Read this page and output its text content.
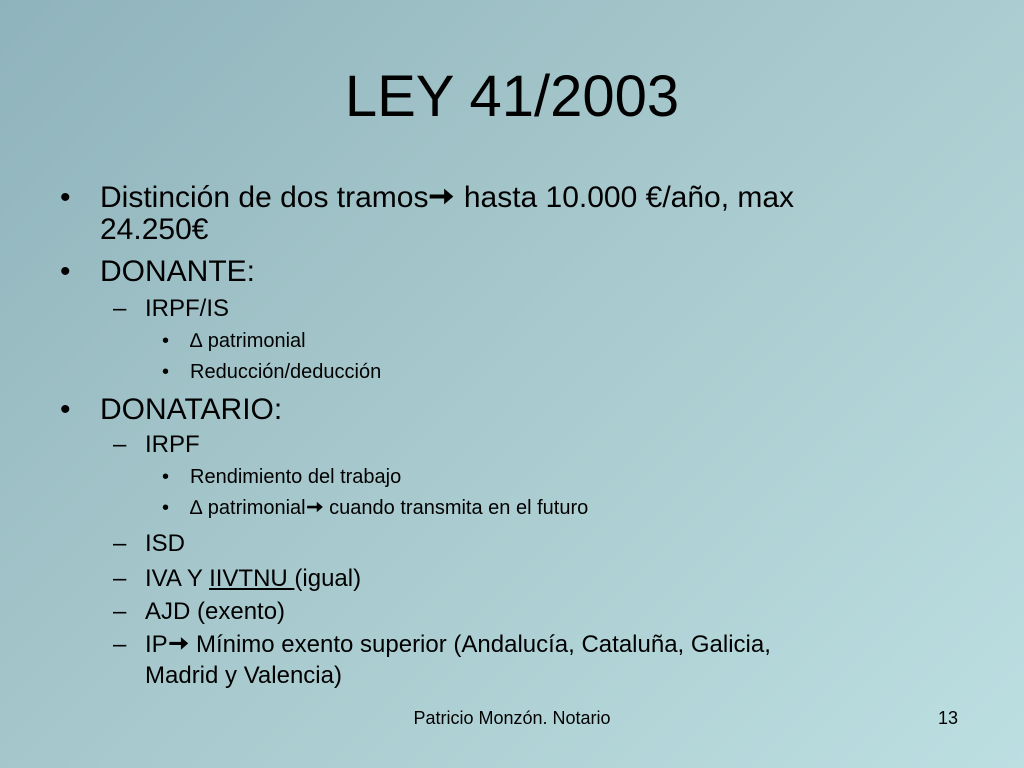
LEY 41/2003
• Distinción de dos tramos hasta 10.000 €/año, max
24.250€
• DONANTE:
– IRPF/IS
• ∆ patrimonial
• Reducción/deducción
• DONATARIO:
– IRPF
• Rendimiento del trabajo
• ∆ patrimonial cuando transmita en el futuro
– ISD
– IVA Y IIVTNU (igual)
– AJD (exento)
– IP Mínimo exento superior (Andalucía, Cataluña, Galicia,
Madrid y Valencia)
Patricio Monzón. Notario	13
